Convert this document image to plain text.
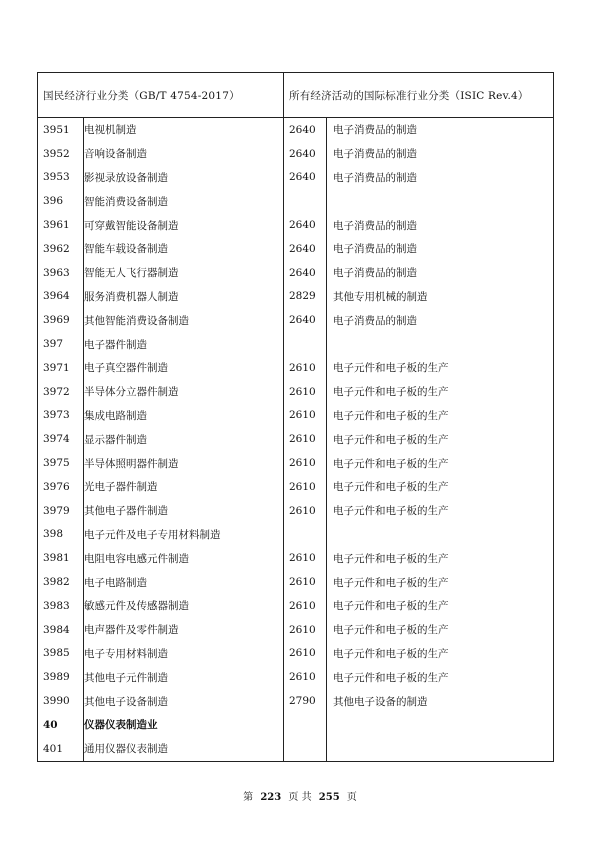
国民经济行业分类（GB/T 4754-2017）		所有经济活动的国际标准行业分类（ISIC Rev.4）	
3951	电视机制造	2640	电子消费品的制造
3952	音响设备制造	2640	电子消费品的制造
3953	影视录放设备制造	2640	电子消费品的制造
396	智能消费设备制造		
3961	可穿戴智能设备制造	2640	电子消费品的制造
3962	智能车载设备制造	2640	电子消费品的制造
3963	智能无人飞行器制造	2640	电子消费品的制造
3964	服务消费机器人制造	2829	其他专用机械的制造
3969	其他智能消费设备制造	2640	电子消费品的制造
397	电子器件制造		
3971	电子真空器件制造	2610	电子元件和电子板的生产
3972	半导体分立器件制造	2610	电子元件和电子板的生产
3973	集成电路制造	2610	电子元件和电子板的生产
3974	显示器件制造	2610	电子元件和电子板的生产
3975	半导体照明器件制造	2610	电子元件和电子板的生产
3976	光电子器件制造	2610	电子元件和电子板的生产
3979	其他电子器件制造	2610	电子元件和电子板的生产
398	电子元件及电子专用材料制造		
3981	电阻电容电感元件制造	2610	电子元件和电子板的生产
3982	电子电路制造	2610	电子元件和电子板的生产
3983	敏感元件及传感器制造	2610	电子元件和电子板的生产
3984	电声器件及零件制造	2610	电子元件和电子板的生产
3985	电子专用材料制造	2610	电子元件和电子板的生产
3989	其他电子元件制造	2610	电子元件和电子板的生产
3990	其他电子设备制造	2790	其他电子设备的制造
40	仪器仪表制造业		
401	通用仪器仪表制造		
第 223 页 共 255 页
